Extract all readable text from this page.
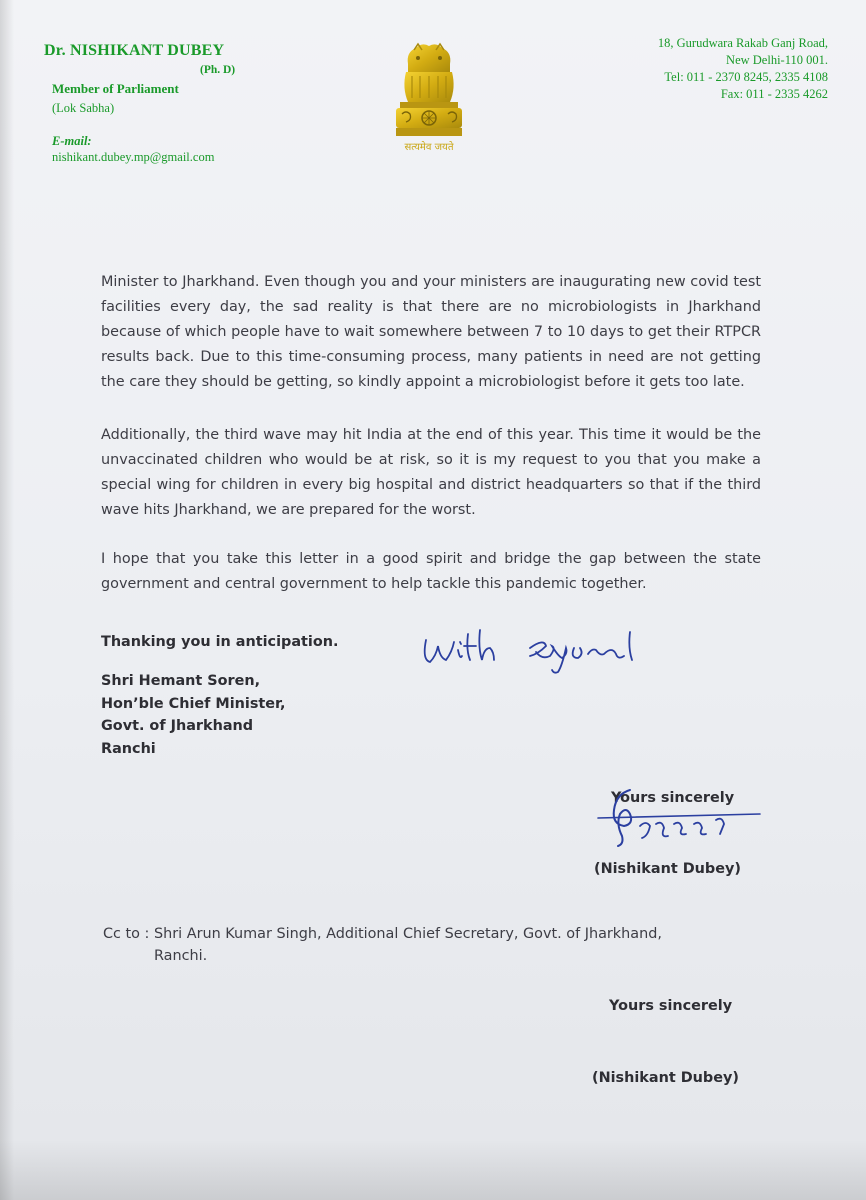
Dr. NISHIKANT DUBEY
(Ph. D)
Member of Parliament
(Lok Sabha)
E-mail:
nishikant.dubey.mp@gmail.com
सत्यमेव जयते
18, Gurudwara Rakab Ganj Road,
New Delhi-110 001.
Tel: 011 - 2370 8245, 2335 4108
Fax: 011 - 2335 4262

Minister to Jharkhand. Even though you and your ministers are inaugurating new covid test facilities every day, the sad reality is that there are no microbiologists in Jharkhand because of which people have to wait somewhere between 7 to 10 days to get their RTPCR results back. Due to this time-consuming process, many patients in need are not getting the care they should be getting, so kindly appoint a microbiologist before it gets too late.

Additionally, the third wave may hit India at the end of this year. This time it would be the unvaccinated children who would be at risk, so it is my request to you that you make a special wing for children in every big hospital and district headquarters so that if the third wave hits Jharkhand, we are prepared for the worst.

I hope that you take this letter in a good spirit and bridge the gap between the state government and central government to help tackle this pandemic together.

Thanking you in anticipation.

With regards

Shri Hemant Soren,

Hon’ble Chief Minister,

Govt. of Jharkhand

Ranchi

Yours sincerely

निशिकांत

(Nishikant Dubey)

Cc to : Shri Arun Kumar Singh, Additional Chief Secretary, Govt. of Jharkhand,

Ranchi.

Yours sincerely

(Nishikant Dubey)
